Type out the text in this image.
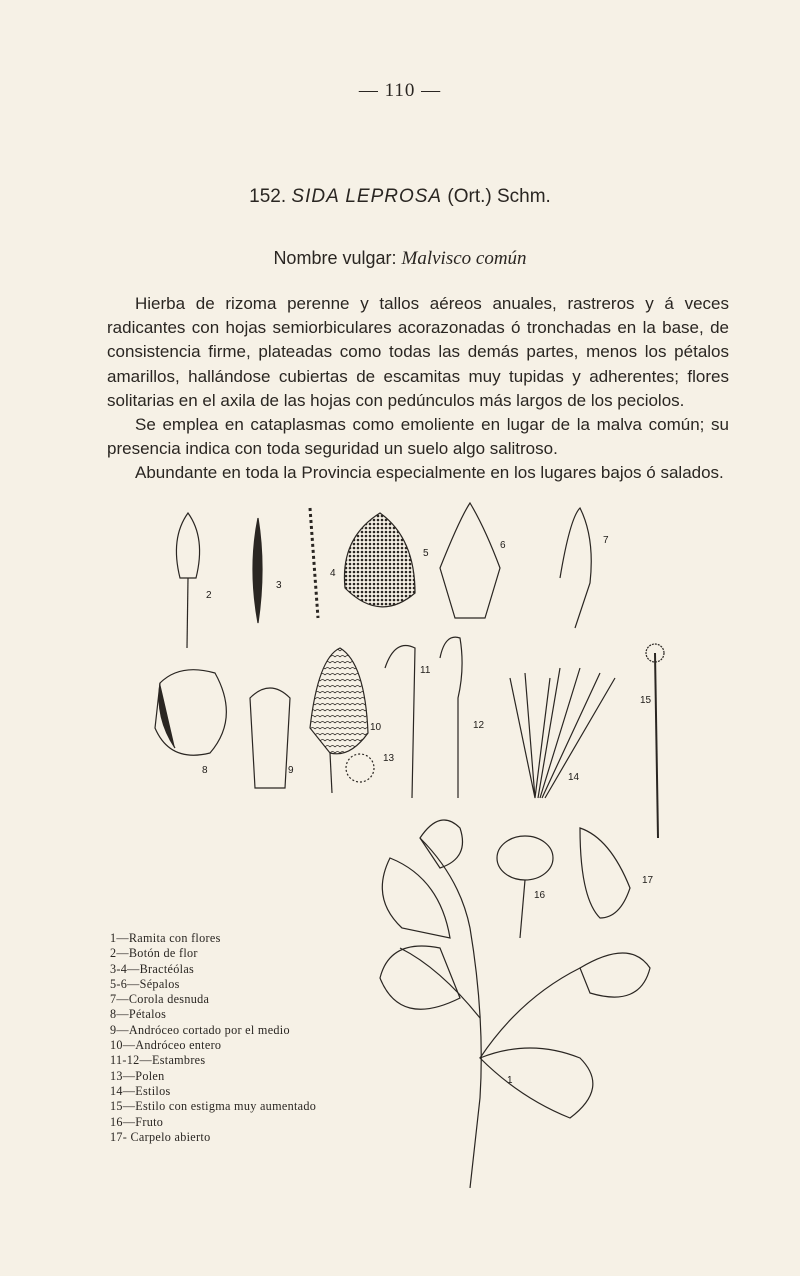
— 110 —
152. SIDA LEPROSA (Ort.) Schm.
Nombre vulgar: Malvisco común

Hierba de rizoma perenne y tallos aéreos anuales, rastreros y á veces radicantes con hojas semiorbiculares acorazonadas ó tronchadas en la base, de consistencia firme, plateadas como todas las demás partes, menos los pétalos amarillos, hallándose cubiertas de escamitas muy tupidas y adherentes; flores solitarias en el axila de las hojas con pedúnculos más largos de los peciolos.

Se emplea en cataplasmas como emoliente en lugar de la malva común; su presencia indica con toda seguridad un suelo algo salitroso.

Abundante en toda la Provincia especialmente en los lugares bajos ó salados.

2
3
4
5
6	7
8	9
10
11
12
13
14
15
16
17
1
1—Ramita con flores
2—Botón de flor
3-4—Bractéólas
5-6—Sépalos
7—Corola desnuda
8—Pétalos
9—Andróceo cortado por el medio
10—Andróceo entero
11-12—Estambres
13—Polen
14—Estilos
15—Estilo con estigma muy aumentado
16—Fruto
17- Carpelo abierto
